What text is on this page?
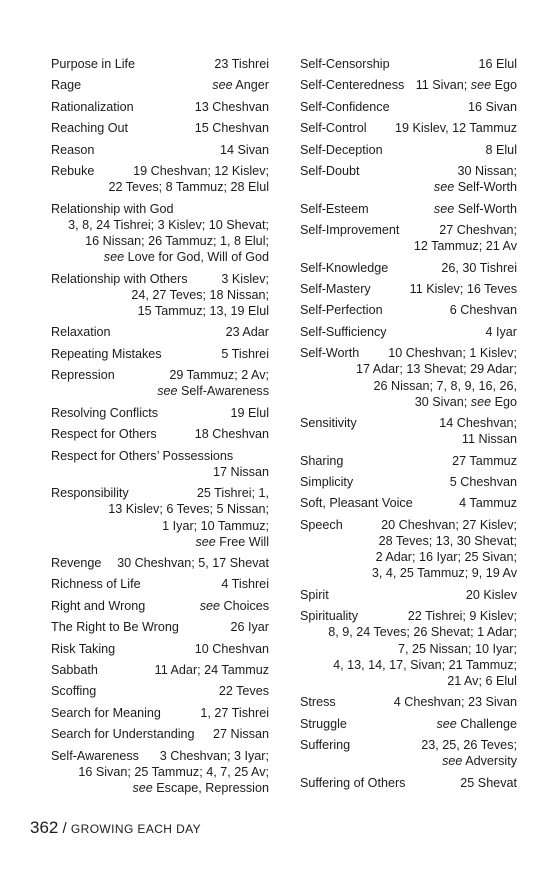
Purpose in Life	23 Tishrei
Rage	see Anger
Rationalization	13 Cheshvan
Reaching Out	15 Cheshvan
Reason	14 Sivan
Rebuke	19 Cheshvan; 12 Kislev;
22 Teves; 8 Tammuz; 28 Elul
Relationship with God
3, 8, 24 Tishrei; 3 Kislev; 10 Shevat;
16 Nissan; 26 Tammuz; 1, 8 Elul;
see Love for God, Will of God
Relationship with Others	3 Kislev;
24, 27 Teves; 18 Nissan;
15 Tammuz; 13, 19 Elul
Relaxation	23 Adar
Repeating Mistakes	5 Tishrei
Repression	29 Tammuz; 2 Av;
see Self-Awareness
Resolving Conflicts	19 Elul
Respect for Others	18 Cheshvan
Respect for Others’ Possessions
17 Nissan
Responsibility	25 Tishrei; 1,
13 Kislev; 6 Teves; 5 Nissan;
1 Iyar; 10 Tammuz;
see Free Will
Revenge 30 Cheshvan; 5, 17 Shevat
Richness of Life	4 Tishrei
Right and Wrong	see Choices
The Right to Be Wrong	26 Iyar
Risk Taking	10 Cheshvan
Sabbath	11 Adar; 24 Tammuz
Scoffing	22 Teves
Search for Meaning	1, 27 Tishrei
Search for Understanding 27 Nissan
Self-Awareness 3 Cheshvan; 3 Iyar;
16 Sivan; 25 Tammuz; 4, 7, 25 Av;
see Escape, Repression
Self-Censorship	16 Elul
Self-Centeredness 11 Sivan; see Ego
Self-Confidence	16 Sivan
Self-Control 19 Kislev, 12 Tammuz
Self-Deception	8 Elul
Self-Doubt	30 Nissan;
see Self-Worth
Self-Esteem	see Self-Worth
Self-Improvement	27 Cheshvan;
12 Tammuz; 21 Av
Self-Knowledge	26, 30 Tishrei
Self-Mastery	11 Kislev; 16 Teves
Self-Perfection	6 Cheshvan
Self-Sufficiency	4 Iyar
Self-Worth 10 Cheshvan; 1 Kislev;
17 Adar; 13 Shevat; 29 Adar;
26 Nissan; 7, 8, 9, 16, 26,
30 Sivan; see Ego
Sensitivity	14 Cheshvan;
11 Nissan
Sharing	27 Tammuz
Simplicity	5 Cheshvan
Soft, Pleasant Voice	4 Tammuz
Speech	20 Cheshvan; 27 Kislev;
28 Teves; 13, 30 Shevat;
2 Adar; 16 Iyar; 25 Sivan;
3, 4, 25 Tammuz; 9, 19 Av
Spirit	20 Kislev
Spirituality	22 Tishrei; 9 Kislev;
8, 9, 24 Teves; 26 Shevat; 1 Adar;
7, 25 Nissan; 10 Iyar;
4, 13, 14, 17, Sivan; 21 Tammuz;
21 Av; 6 Elul
Stress	4 Cheshvan; 23 Sivan
Struggle	see Challenge
Suffering	23, 25, 26 Teves;
see Adversity
Suffering of Others	25 Shevat
362 / GROWING EACH DAY
